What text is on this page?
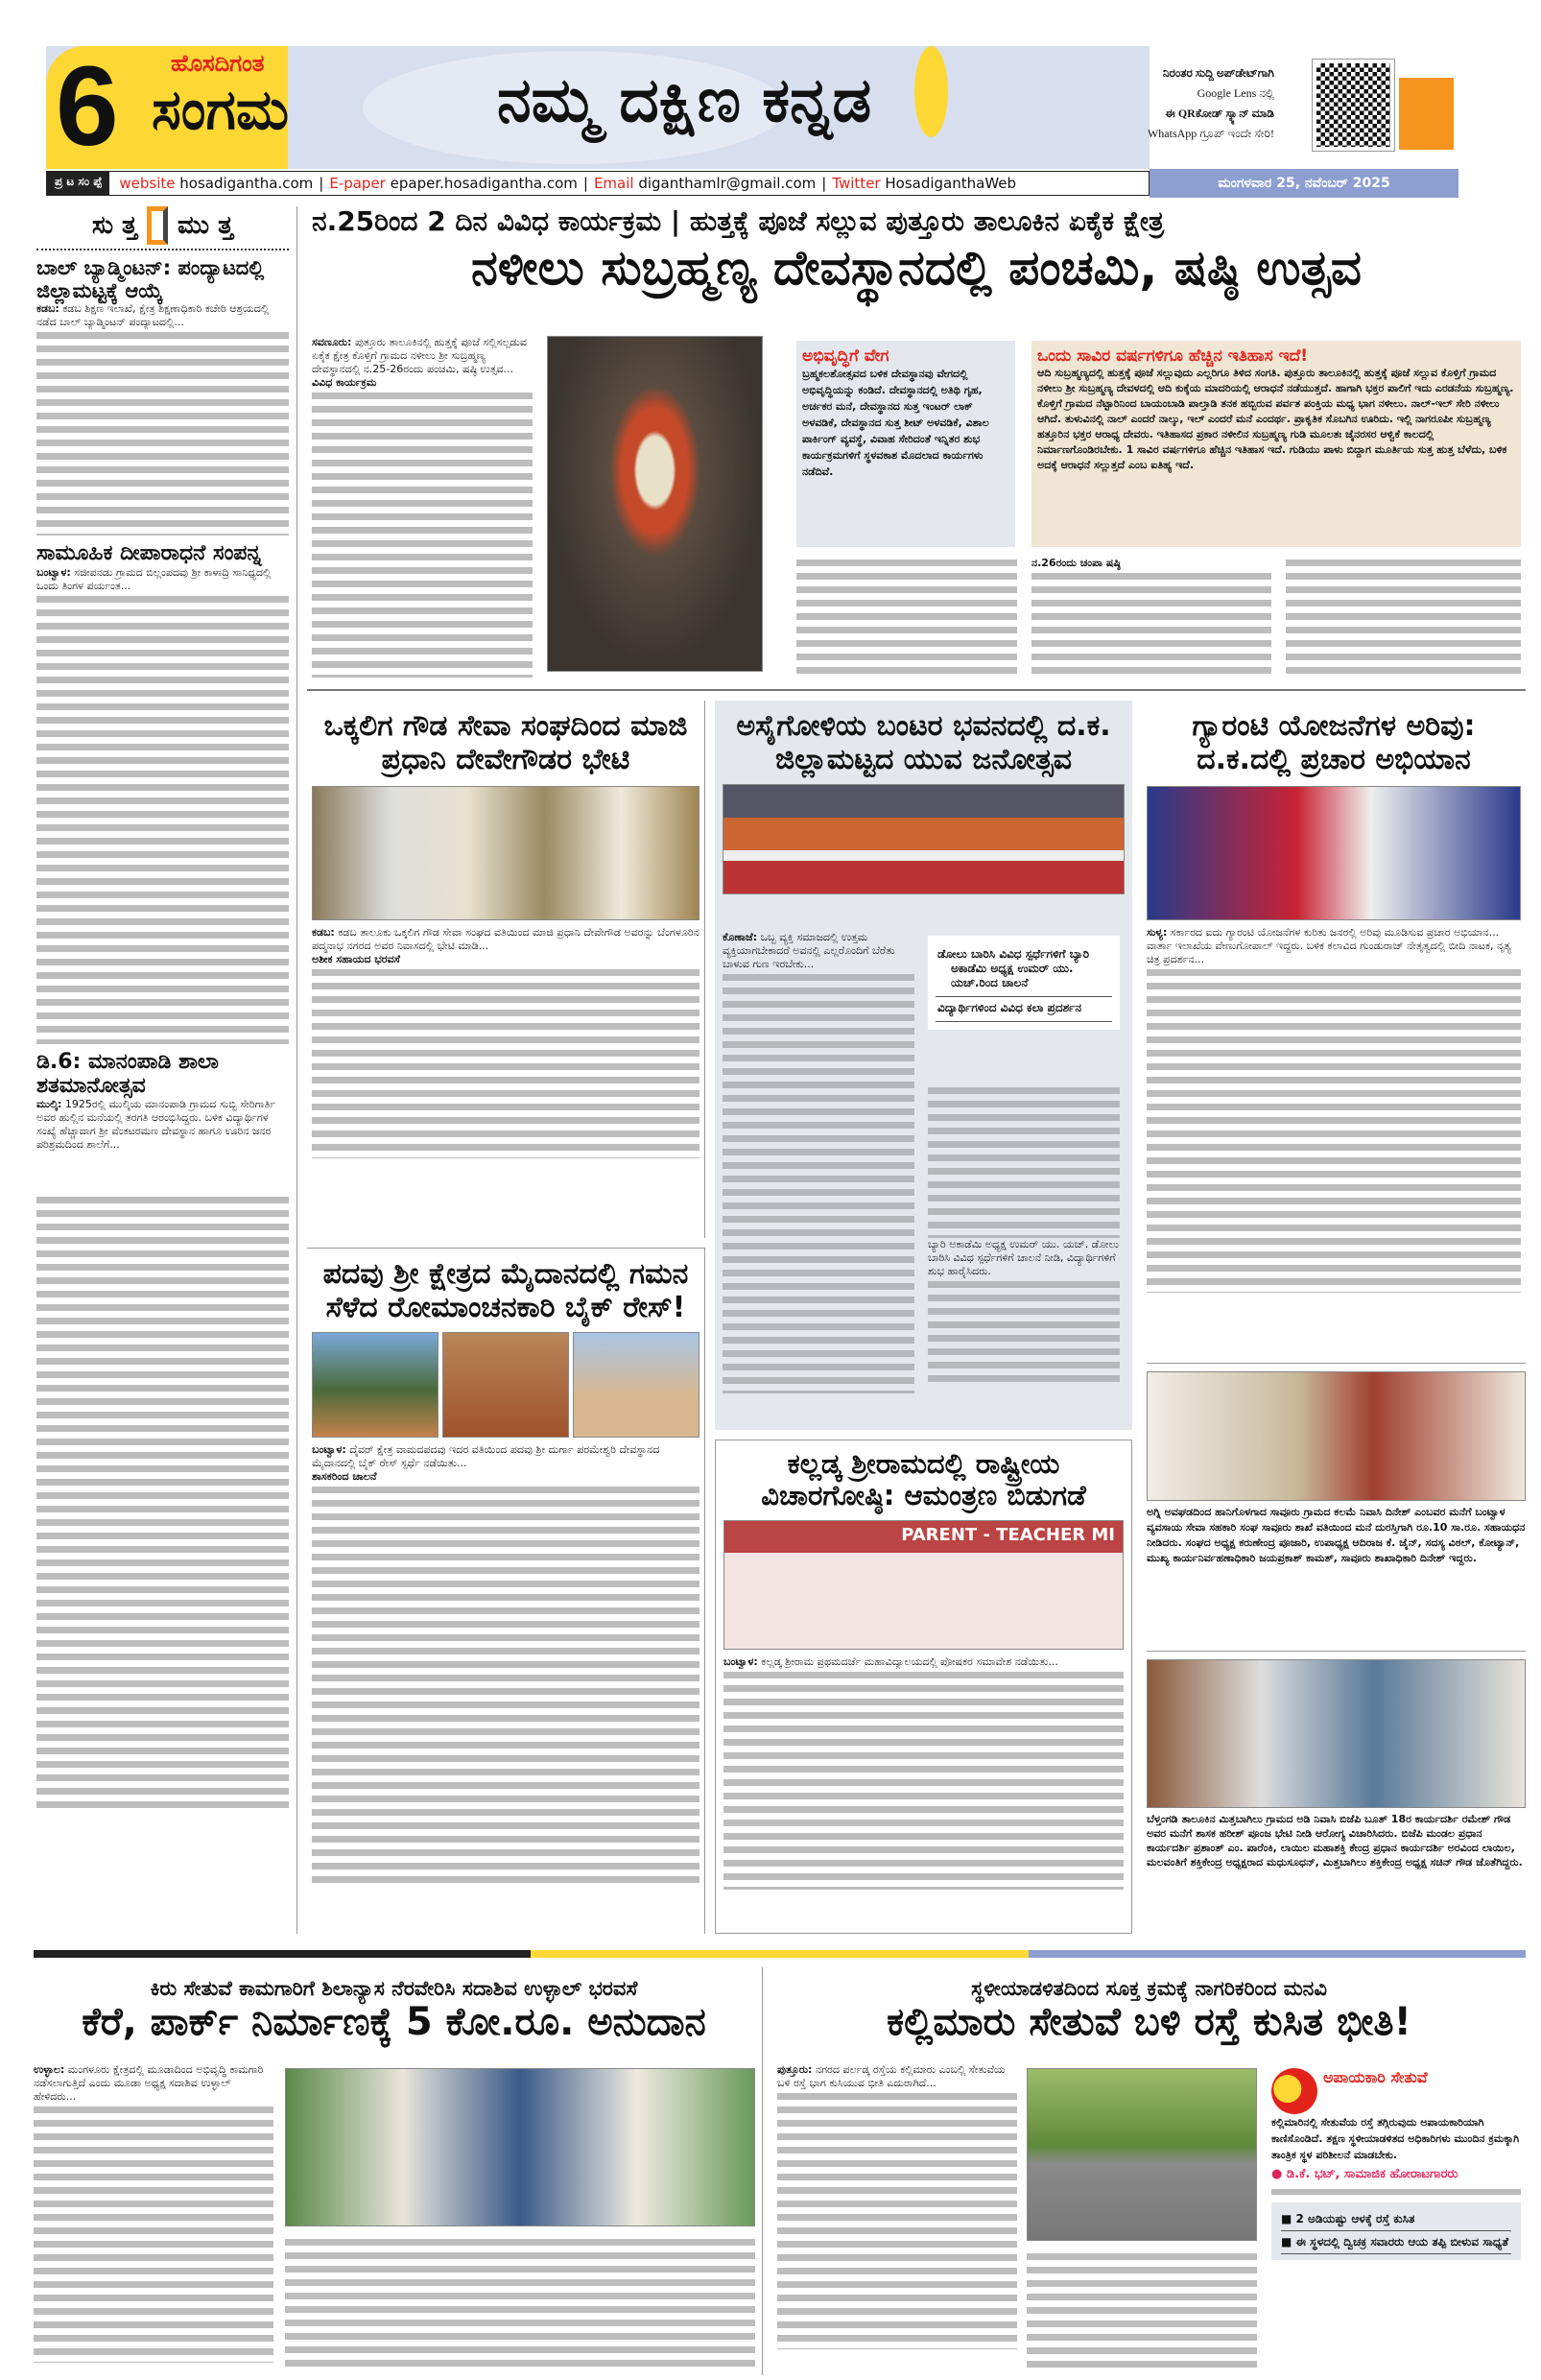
6 ಹೊಸದಿಗಂತ
ಸಂಗಮ	ನಮ್ಮ ದಕ್ಷಿಣ ಕನ್ನಡ	ನಿರಂತರ ಸುದ್ದಿ ಅಪ್‌ಡೇಟ್‌ಗಾಗಿ
Google Lens ನಲ್ಲಿ
ಈ QRಕೋಡ್ ಸ್ಕ್ಯಾನ್ ಮಾಡಿ
WhatsApp ಗ್ರೂಪ್ ಇಂದೇ ಸೇರಿ!
ಪ್ರ ಟ ಸಂ ಪ್ಪೆ	website hosadigantha.com | E-paper epaper.hosadigantha.com | Email diganthamlr@gmail.com | Twitter HosadiganthaWeb	ಮಂಗಳವಾರ 25, ನವೆಂಬರ್ 2025
ಸು ತ್ತ ಮು ತ್ತ
ಬಾಲ್ ಬ್ಯಾಡ್ಮಿಂಟನ್: ಪಂದ್ಯಾಟದಲ್ಲಿ ಜಿಲ್ಲಾಮಟ್ಟಕ್ಕೆ ಆಯ್ಕೆ
ಕಡಬ: ಕಡಬ ಶಿಕ್ಷಣ ಇಲಾಖೆ, ಕ್ಷೇತ್ರ ಶಿಕ್ಷಣಾಧಿಕಾರಿ ಕಚೇರಿ ಆಶ್ರಯದಲ್ಲಿ ನಡೆದ ಬಾಲ್ ಬ್ಯಾಡ್ಮಿಂಟನ್ ಪಂದ್ಯಾಟದಲ್ಲಿ...
ಸಾಮೂಹಿಕ ದೀಪಾರಾಧನೆ ಸಂಪನ್ನ
ಬಂಟ್ವಾಳ: ಸಜೀಪನಡು ಗ್ರಾಮದ ಬಿಲ್ಲಂಪದವು ಶ್ರೀ ಕಾಳಾದ್ರಿ ಸಾನಿಧ್ಯದಲ್ಲಿ ಒಂದು ತಿಂಗಳ ಪರ್ಯಂತ...
ಡಿ.6: ಮಾನಂಪಾಡಿ ಶಾಲಾ ಶತಮಾನೋತ್ಸವ
ಮುಲ್ಕಿ: 1925ರಲ್ಲಿ ಮುಲ್ಕಿಯ ಮಾನಂಪಾಡಿ ಗ್ರಾಮದ ಸುಬ್ಬಿ ಸೇರಿಗಾರ್ತಿ ಅವರ ಹುಲ್ಲಿನ ಮನೆಯಲ್ಲಿ ತರಗತಿ ಆರಂಭಿಸಿದ್ದರು. ಬಳಿಕ ವಿದ್ಯಾರ್ಥಿಗಳ ಸಂಖ್ಯೆ ಹೆಚ್ಚಾದಾಗ ಶ್ರೀ ವೆಂಕಟರಮಣ ದೇವಸ್ಥಾನ ಹಾಗೂ ಊರಿನ ಜನರ ಪರಿಶ್ರಮದಿಂದ ಶಾಲೆಗೆ...
ನ.25ರಿಂದ 2 ದಿನ ವಿವಿಧ ಕಾರ್ಯಕ್ರಮ | ಹುತ್ತಕ್ಕೆ ಪೂಜೆ ಸಲ್ಲುವ ಪುತ್ತೂರು ತಾಲೂಕಿನ ಏಕೈಕ ಕ್ಷೇತ್ರ
ನಳೀಲು ಸುಬ್ರಹ್ಮಣ್ಯ ದೇವಸ್ಥಾನದಲ್ಲಿ ಪಂಚಮಿ, ಷಷ್ಠಿ ಉತ್ಸವ
ಸವಣೂರು: ಪುತ್ತೂರು ತಾಲೂಕಿನಲ್ಲಿ ಹುತ್ತಕ್ಕೆ ಪೂಜೆ ಸಲ್ಲಿಸಲ್ಪಡುವ ಏಕೈಕ ಕ್ಷೇತ್ರ ಕೊಳ್ತಿಗೆ ಗ್ರಾಮದ ನಳೀಲು ಶ್ರೀ ಸುಬ್ರಹ್ಮಣ್ಯ ದೇವಸ್ಥಾನದಲ್ಲಿ ನ.25-26ರಂದು ಪಂಚಮಿ, ಷಷ್ಠಿ ಉತ್ಸವ...
ವಿವಿಧ ಕಾರ್ಯಕ್ರಮ
ಅಭಿವೃದ್ಧಿಗೆ ವೇಗ
ಬ್ರಹ್ಮಕಲಶೋತ್ಸವದ ಬಳಿಕ ದೇವಸ್ಥಾನವು ವೇಗದಲ್ಲಿ ಅಭಿವೃದ್ಧಿಯನ್ನು ಕಂಡಿದೆ. ದೇವಸ್ಥಾನದಲ್ಲಿ ಅತಿಥಿ ಗೃಹ, ಅರ್ಚಕರ ಮನೆ, ದೇವಸ್ಥಾನದ ಸುತ್ತ ಇಂಟರ್ ಲಾಕ್ ಅಳವಡಿಕೆ, ದೇವಸ್ಥಾನದ ಸುತ್ತ ಶೀಟ್ ಅಳವಡಿಕೆ, ವಿಶಾಲ ಪಾರ್ಕಿಂಗ್ ವ್ಯವಸ್ಥೆ, ವಿವಾಹ ಸೇರಿದಂತೆ ಇನ್ನಿತರ ಶುಭ ಕಾರ್ಯಕ್ರಮಗಳಿಗೆ ಸ್ಥಳವಕಾಶ ಮೊದಲಾದ ಕಾರ್ಯಗಳು ನಡೆದಿವೆ.
ಒಂದು ಸಾವಿರ ವರ್ಷಗಳಿಗೂ ಹೆಚ್ಚಿನ ಇತಿಹಾಸ ಇದೆ!
ಆದಿ ಸುಬ್ರಹ್ಮಣ್ಯದಲ್ಲಿ ಹುತ್ತಕ್ಕೆ ಪೂಜೆ ಸಲ್ಲುವುದು ಎಲ್ಲರಿಗೂ ತಿಳಿದ ಸಂಗತಿ. ಪುತ್ತೂರು ತಾಲೂಕಿನಲ್ಲಿ ಹುತ್ತಕ್ಕೆ ಪೂಜೆ ಸಲ್ಲುವ ಕೊಳ್ತಿಗೆ ಗ್ರಾಮದ ನಳೀಲು ಶ್ರೀ ಸುಬ್ರಹ್ಮಣ್ಯ ದೇವಳದಲ್ಲಿ ಆದಿ ಕುಕ್ಕೆಯ ಮಾದರಿಯಲ್ಲಿ ಆರಾಧನೆ ನಡೆಯುತ್ತದೆ. ಹಾಗಾಗಿ ಭಕ್ತರ ಪಾಲಿಗೆ ಇದು ಎರಡನೆಯ ಸುಬ್ರಹ್ಮಣ್ಯ. ಕೊಳ್ತಿಗೆ ಗ್ರಾಮದ ನೆಟ್ಟಾರಿನಿಂದ ಬಾಯಂಬಾಡಿ ಪಾಲ್ತಾಡಿ ತನಕ ಹಬ್ಬಿರುವ ಪರ್ವತ ಪಂಕ್ತಿಯ ಮಧ್ಯ ಭಾಗ ನಳೀಲು. ನಾಲ್-ಇಲ್ ಸೇರಿ ನಳೀಲು ಆಗಿದೆ. ತುಳುವಿನಲ್ಲಿ ನಾಲ್ ಎಂದರೆ ನಾಲ್ಕು, ಇಲ್ ಎಂದರೆ ಮನೆ ಎಂದರ್ಥ. ಪ್ರಾಕೃತಿಕ ಸೊಬಗಿನ ಊರಿದು. ಇಲ್ಲಿ ನಾಗರೂಪೀ ಸುಬ್ರಹ್ಮಣ್ಯ ಹತ್ತೂರಿನ ಭಕ್ತರ ಆರಾಧ್ಯ ದೇವರು. ಇತಿಹಾಸದ ಪ್ರಕಾರ ನಳೀಲಿನ ಸುಬ್ರಹ್ಮಣ್ಯ ಗುಡಿ ಮೂಲತಃ ಜೈನರಸರ ಆಳ್ವಿಕೆ ಕಾಲದಲ್ಲಿ ನಿರ್ಮಾಣಗೊಂಡಿರಬೇಕು. 1 ಸಾವಿರ ವರ್ಷಗಳಿಗೂ ಹೆಚ್ಚಿನ ಇತಿಹಾಸ ಇದೆ. ಗುಡಿಯು ಪಾಳು ಬಿದ್ದಾಗ ಮೂರ್ತಿಯ ಸುತ್ತ ಹುತ್ತ ಬೆಳೆದು, ಬಳಿಕ ಅದಕ್ಕೆ ಆರಾಧನೆ ಸಲ್ಲುತ್ತದೆ ಎಂಬ ಐತಿಹ್ಯ ಇದೆ.
ನ.26ರಂದು ಚಂಪಾ ಷಷ್ಠಿ
ಒಕ್ಕಲಿಗ ಗೌಡ ಸೇವಾ ಸಂಘದಿಂದ ಮಾಜಿ ಪ್ರಧಾನಿ ದೇವೇಗೌಡರ ಭೇಟಿ
ಕಡಬ: ಕಡಬ ತಾಲೂಕು ಒಕ್ಕಲಿಗ ಗೌಡ ಸೇವಾ ಸಂಘದ ವತಿಯಿಂದ ಮಾಜಿ ಪ್ರಧಾನಿ ದೇವೇಗೌಡ ಅವರನ್ನು ಬೆಂಗಳೂರಿನ ಪದ್ಮನಾಭ ನಗರದ ಅವರ ನಿವಾಸದಲ್ಲಿ ಭೇಟಿ ಮಾಡಿ...
ಅಶೀಕ ಸಹಾಯದ ಭರವಸೆ
ಅಸೈಗೋಳಿಯ ಬಂಟರ ಭವನದಲ್ಲಿ ದ.ಕ. ಜಿಲ್ಲಾಮಟ್ಟದ ಯುವ ಜನೋತ್ಸವ
ಕೊಣಾಜೆ: ಒಬ್ಬ ವ್ಯಕ್ತಿ ಸಮಾಜದಲ್ಲಿ ಉತ್ತಮ ವ್ಯಕ್ತಿಯಾಗಬೇಕಾದರೆ ಅವನಲ್ಲಿ ಎಲ್ಲರೊಂದಿಗೆ ಬೆರೆತು ಬಾಳುವ ಗುಣ ಇರಬೇಕು...
ಡೋಲು ಬಾರಿಸಿ ವಿವಿಧ ಸ್ಪರ್ಧೆಗಳಿಗೆ ಬ್ಯಾರಿ ಅಕಾಡೆಮಿ ಅಧ್ಯಕ್ಷ ಉಮರ್ ಯು. ಯಚ್.ರಿಂದ ಚಾಲನೆ
ವಿದ್ಯಾರ್ಥಿಗಳಿಂದ ವಿವಿಧ ಕಲಾ ಪ್ರದರ್ಶನ
ಬ್ಯಾರಿ ಅಕಾಡೆಮಿ ಅಧ್ಯಕ್ಷ ಉಮರ್ ಯು. ಯಚ್. ಡೋಲು ಬಾರಿಸಿ ವಿವಿಧ ಸ್ಪರ್ಧೆಗಳಿಗೆ ಚಾಲನೆ ನೀಡಿ, ವಿದ್ಯಾರ್ಥಿಗಳಿಗೆ ಶುಭ ಹಾರೈಸಿದರು.
ಗ್ಯಾರಂಟಿ ಯೋಜನೆಗಳ ಅರಿವು: ದ.ಕ.ದಲ್ಲಿ ಪ್ರಚಾರ ಅಭಿಯಾನ
ಸುಳ್ಯ: ಸರ್ಕಾರದ ಐದು ಗ್ಯಾರಂಟಿ ಯೋಜನೆಗಳ ಕುರಿತು ಜನರಲ್ಲಿ ಅರಿವು ಮೂಡಿಸುವ ಪ್ರಚಾರ ಅಭಿಯಾನ... ವಾರ್ತಾ ಇಲಾಖೆಯ ವೇಣುಗೋಪಾಲ್ ಇದ್ದರು. ಬಳಿಕ ಕಲಾವಿದ ಗುಂಡುರಾಜ್ ನೇತೃತ್ವದಲ್ಲಿ ಬೀದಿ ನಾಟಕ, ನೃತ್ಯ ಚಿತ್ರ ಪ್ರದರ್ಶನ...
ಪದವು ಶ್ರೀ ಕ್ಷೇತ್ರದ ಮೈದಾನದಲ್ಲಿ ಗಮನ ಸೆಳೆದ ರೋಮಾಂಚನಕಾರಿ ಬೈಕ್ ರೇಸ್!
ಬಂಟ್ವಾಳ: ದೈವರ್ ಕ್ಷೇತ್ರ ವಾಮದಪದವು ಇದರ ವತಿಯಿಂದ ಪದವು ಶ್ರೀ ದುರ್ಗಾ ಪರಮೇಶ್ವರಿ ದೇವಸ್ಥಾನದ ಮೈದಾನದಲ್ಲಿ ಬೈಕ್ ರೇಸ್ ಸ್ಪರ್ಧೆ ನಡೆಯಿತು...
ಶಾಸಕರಿಂದ ಚಾಲನೆ	ಕಲ್ಲಡ್ಕ ಶ್ರೀರಾಮದಲ್ಲಿ ರಾಷ್ಟ್ರೀಯ ವಿಚಾರಗೋಷ್ಠಿ: ಆಮಂತ್ರಣ ಬಿಡುಗಡೆ
PARENT - TEACHER MI
ಬಂಟ್ವಾಳ: ಕಲ್ಲಡ್ಕ ಶ್ರೀರಾಮ ಪ್ರಥಮದರ್ಜೆ ಮಹಾವಿದ್ಯಾಲಯದಲ್ಲಿ ಪೋಷಕರ ಸಮಾವೇಶ ನಡೆಯಿತು...
ಅಗ್ನಿ ಅವಘಡದಿಂದ ಹಾನಿಗೊಳಗಾದ ಸಾವೂರು ಗ್ರಾಮದ ಕಲಮೆ ನಿವಾಸಿ ದಿನೇಶ್ ಎಂಬವರ ಮನೆಗೆ ಬಂಟ್ವಾಳ ವ್ಯವಸಾಯ ಸೇವಾ ಸಹಕಾರಿ ಸಂಘ ಸಾವೂರು ಶಾಖೆ ವತಿಯಿಂದ ಮನೆ ದುರಸ್ತಿಗಾಗಿ ರೂ.10 ಸಾ.ರೂ. ಸಹಾಯಧನ ನೀಡಿದರು. ಸಂಘದ ಅಧ್ಯಕ್ಷ ಕರುಣೇಂದ್ರ ಪೂಜಾರಿ, ಉಪಾಧ್ಯಕ್ಷ ಆದಿರಾಜ ಕೆ. ಜೈನ್, ಸದಸ್ಯ ವಿಠಲ್, ಕೋಟ್ಯಾನ್, ಮುಖ್ಯ ಕಾರ್ಯನಿರ್ವಹಣಾಧಿಕಾರಿ ಜಯಪ್ರಕಾಶ್ ಕಾಮತ್, ಸಾವೂರು ಶಾಖಾಧಿಕಾರಿ ದಿನೇಶ್ ಇದ್ದರು.
ಬೆಳ್ತಂಗಡಿ ತಾಲೂಕಿನ ಮಿತ್ತಬಾಗಿಲು ಗ್ರಾಮದ ಅಡಿ ನಿವಾಸಿ ಬಿಜೆಪಿ ಬೂತ್ 18ರ ಕಾರ್ಯದರ್ಶಿ ರಮೇಶ್ ಗೌಡ ಅವರ ಮನೆಗೆ ಶಾಸಕ ಹರೀಶ್ ಪೂಂಜ ಭೇಟಿ ನೀಡಿ ಆರೋಗ್ಯ ವಿಚಾರಿಸಿದರು. ಬಿಜೆಪಿ ಮಂಡಲ ಪ್ರಧಾನ ಕಾರ್ಯದರ್ಶಿ ಪ್ರಶಾಂತ್ ಎಂ. ಪಾರೆಂಕಿ, ಲಾಯಿಲ ಮಹಾಶಕ್ತಿ ಕೇಂದ್ರ ಪ್ರಧಾನ ಕಾರ್ಯದರ್ಶಿ ಅರವಿಂದ ಲಾಯಿಲ, ಮಲವಂತಿಗೆ ಶಕ್ತಿಕೇಂದ್ರ ಅಧ್ಯಕ್ಷರಾದ ಮಧುಸೂಧನ್, ಮಿತ್ತಬಾಗಿಲು ಶಕ್ತಿಕೇಂದ್ರ ಅಧ್ಯಕ್ಷ ಸಚಿನ್ ಗೌಡ ಜೊತೆಗಿದ್ದರು.
ಕಿರು ಸೇತುವೆ ಕಾಮಗಾರಿಗೆ ಶಿಲಾನ್ಯಾಸ ನೆರವೇರಿಸಿ ಸದಾಶಿವ ಉಳ್ಳಾಲ್ ಭರವಸೆ
ಕೆರೆ, ಪಾರ್ಕ್ ನಿರ್ಮಾಣಕ್ಕೆ 5 ಕೋ.ರೂ. ಅನುದಾನ
ಉಳ್ಳಾಲ: ಮಂಗಳೂರು ಕ್ಷೇತ್ರದಲ್ಲಿ ಮೂಡಾದಿಂದ ಅಭಿವೃದ್ಧಿ ಕಾಮಗಾರಿ ನಡೆಸಲಾಗುತ್ತಿದೆ ಎಂದು ಮೂಡಾ ಅಧ್ಯಕ್ಷ ಸದಾಶಿವ ಉಳ್ಳಾಲ್ ಹೇಳಿದರು...
ಸ್ಥಳೀಯಾಡಳಿತದಿಂದ ಸೂಕ್ತ ಕ್ರಮಕ್ಕೆ ನಾಗರಿಕರಿಂದ ಮನವಿ
ಕಲ್ಲಿಮಾರು ಸೇತುವೆ ಬಳಿ ರಸ್ತೆ ಕುಸಿತ ಭೀತಿ!
ಪುತ್ತೂರು: ನಗರದ ಪರ್ಲಡ್ಕ ರಸ್ತೆಯ ಕಲ್ಲಿಮಾರು ಎಂಬಲ್ಲಿ ಸೇತುವೆಯ ಬಳಿ ರಸ್ತೆ ಭಾಗ ಕುಸಿಯುವ ಭೀತಿ ಎದುರಾಗಿದೆ...	ಅಪಾಯಕಾರಿ ಸೇತುವೆ
ಕಲ್ಲಿಮಾರಿನಲ್ಲಿ ಸೇತುವೆಯ ರಸ್ತೆ ತಗ್ಗಿರುವುದು ಅಪಾಯಕಾರಿಯಾಗಿ ಕಾಣಿಸೊಂಡಿದೆ. ತಕ್ಷಣ ಸ್ಥಳೀಯಾಡಳಿತದ ಅಧಿಕಾರಿಗಳು ಮುಂದಿನ ಕ್ರಮಕ್ಕಾಗಿ ತಾಂತ್ರಿಕ ಸ್ಥಳ ಪರಿಶೀಲನೆ ಮಾಡಬೇಕು.
● ಡಿ.ಕೆ. ಭಟ್, ಸಾಮಾಜಿಕ ಹೋರಾಟಗಾರರು
■ 2 ಅಡಿಯಷ್ಟು ಆಳಕ್ಕೆ ರಸ್ತೆ ಕುಸಿತ
■ ಈ ಸ್ಥಳದಲ್ಲಿ ದ್ವಿಚಕ್ರ ಸವಾರರು ಆಯ ತಪ್ಪಿ ಬೀಳುವ ಸಾಧ್ಯತೆ
